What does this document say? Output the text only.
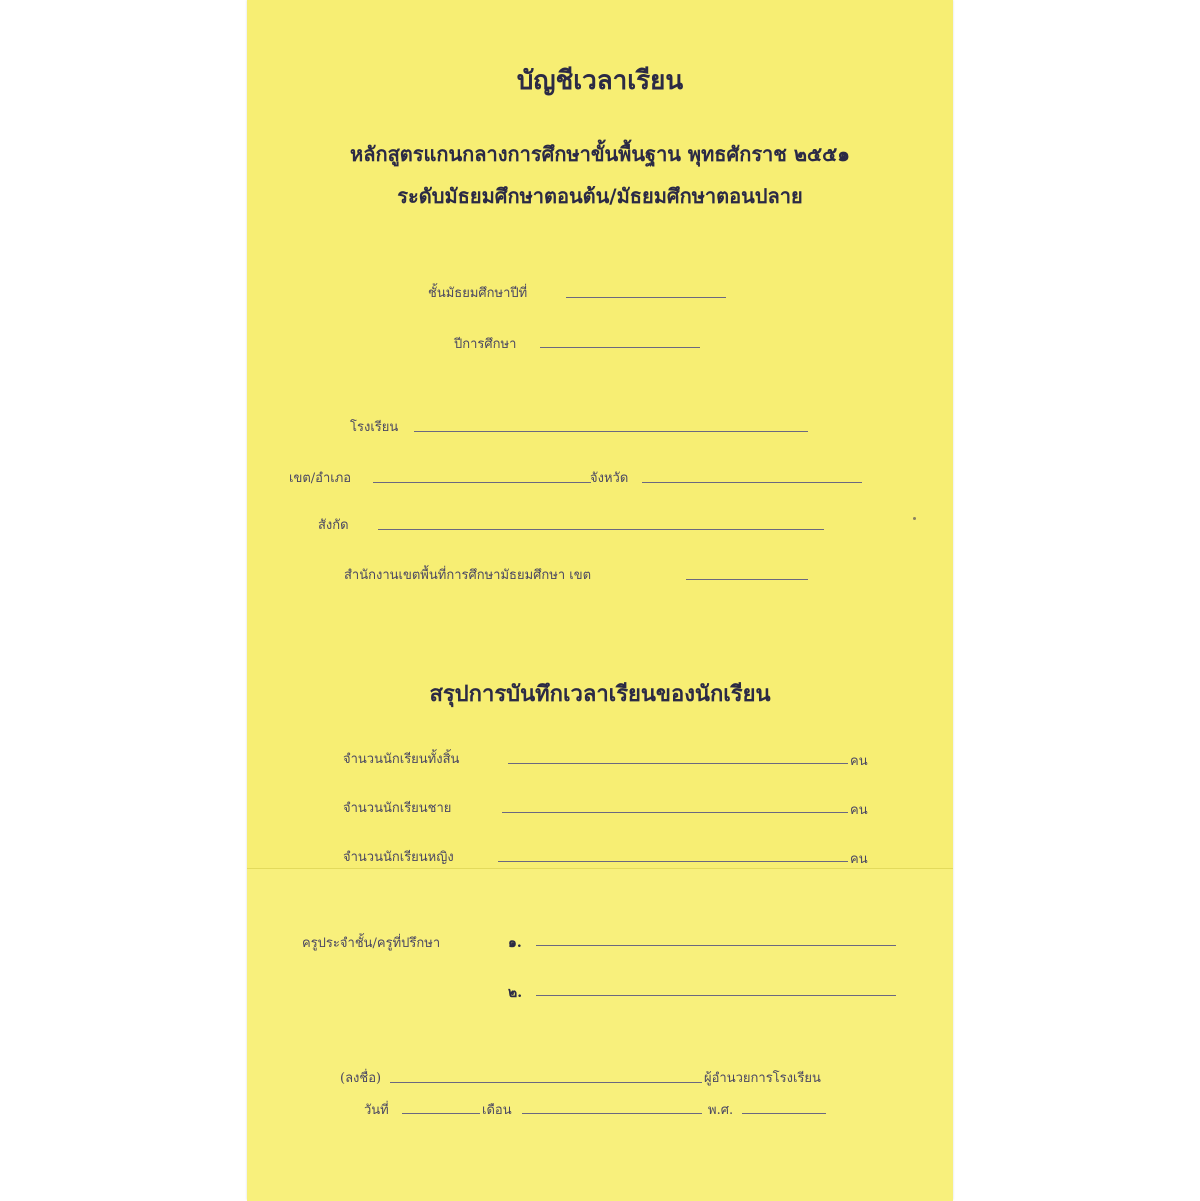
บัญชีเวลาเรียน
หลักสูตรแกนกลางการศึกษาขั้นพื้นฐาน พุทธศักราช ๒๕๕๑
ระดับมัธยมศึกษาตอนต้น/มัธยมศึกษาตอนปลาย
ชั้นมัธยมศึกษาปีที่
ปีการศึกษา
โรงเรียน
เขต/อำเภอ	จังหวัด
สังกัด
สำนักงานเขตพื้นที่การศึกษามัธยมศึกษา เขต
สรุปการบันทึกเวลาเรียนของนักเรียน
จำนวนนักเรียนทั้งสิ้น	คน
จำนวนนักเรียนชาย	คน
จำนวนนักเรียนหญิง	คน
ครูประจำชั้น/ครูที่ปรึกษา	๑.
๒.
(ลงชื่อ)	ผู้อำนวยการโรงเรียน
วันที่	เดือน	พ.ศ.
